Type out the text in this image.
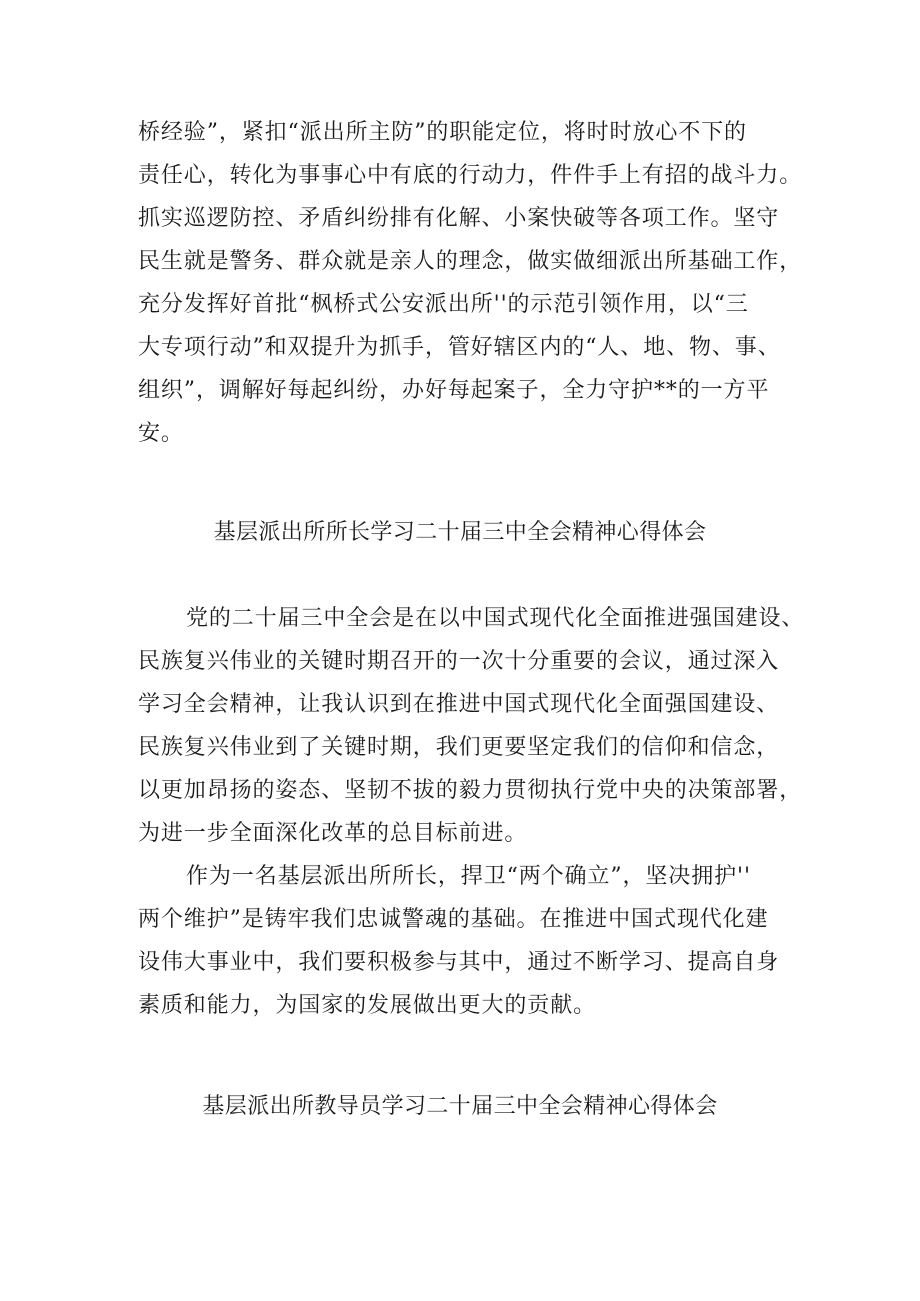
桥经验”，紧扣“派出所主防”的职能定位，将时时放心不下的
责任心，转化为事事心中有底的行动力，件件手上有招的战斗力。
抓实巡逻防控、矛盾纠纷排有化解、小案快破等各项工作。坚守
民生就是警务、群众就是亲人的理念，做实做细派出所基础工作，
充分发挥好首批“枫桥式公安派出所''的示范引领作用，以“三
大专项行动”和双提升为抓手，管好辖区内的“人、地、物、事、
组织”，调解好每起纠纷，办好每起案子，全力守护**的一方平
安。
基层派出所所长学习二十届三中全会精神心得体会
党的二十届三中全会是在以中国式现代化全面推进强国建设、
民族复兴伟业的关键时期召开的一次十分重要的会议，通过深入
学习全会精神，让我认识到在推进中国式现代化全面强国建设、
民族复兴伟业到了关键时期，我们更要坚定我们的信仰和信念，
以更加昂扬的姿态、坚韧不拔的毅力贯彻执行党中央的决策部署，
为进一步全面深化改革的总目标前进。
作为一名基层派出所所长，捍卫“两个确立”，坚决拥护''
两个维护”是铸牢我们忠诚警魂的基础。在推进中国式现代化建
设伟大事业中，我们要积极参与其中，通过不断学习、提高自身
素质和能力，为国家的发展做出更大的贡献。
基层派出所教导员学习二十届三中全会精神心得体会
